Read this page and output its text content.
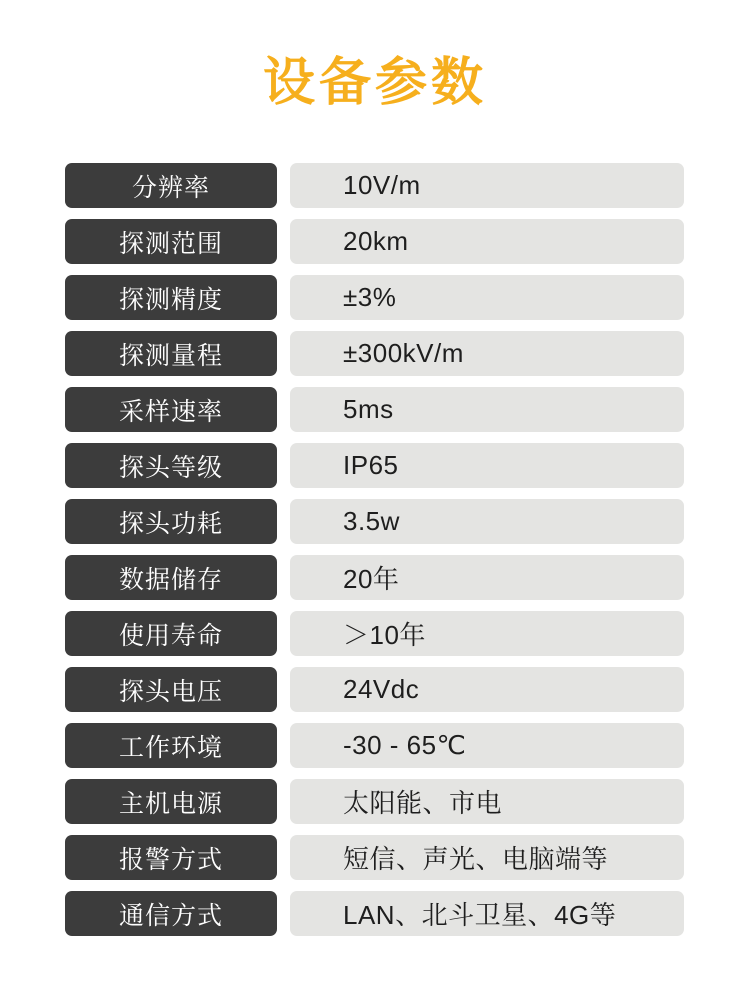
设备参数
分辨率	10V/m
探测范围	20km
探测精度	±3%
探测量程	±300kV/m
采样速率	5ms
探头等级	IP65
探头功耗	3.5w
数据储存	20年
使用寿命	＞10年
探头电压	24Vdc
工作环境	-30 - 65℃
主机电源	太阳能、市电
报警方式	短信、声光、电脑端等
通信方式	LAN、北斗卫星、4G等
